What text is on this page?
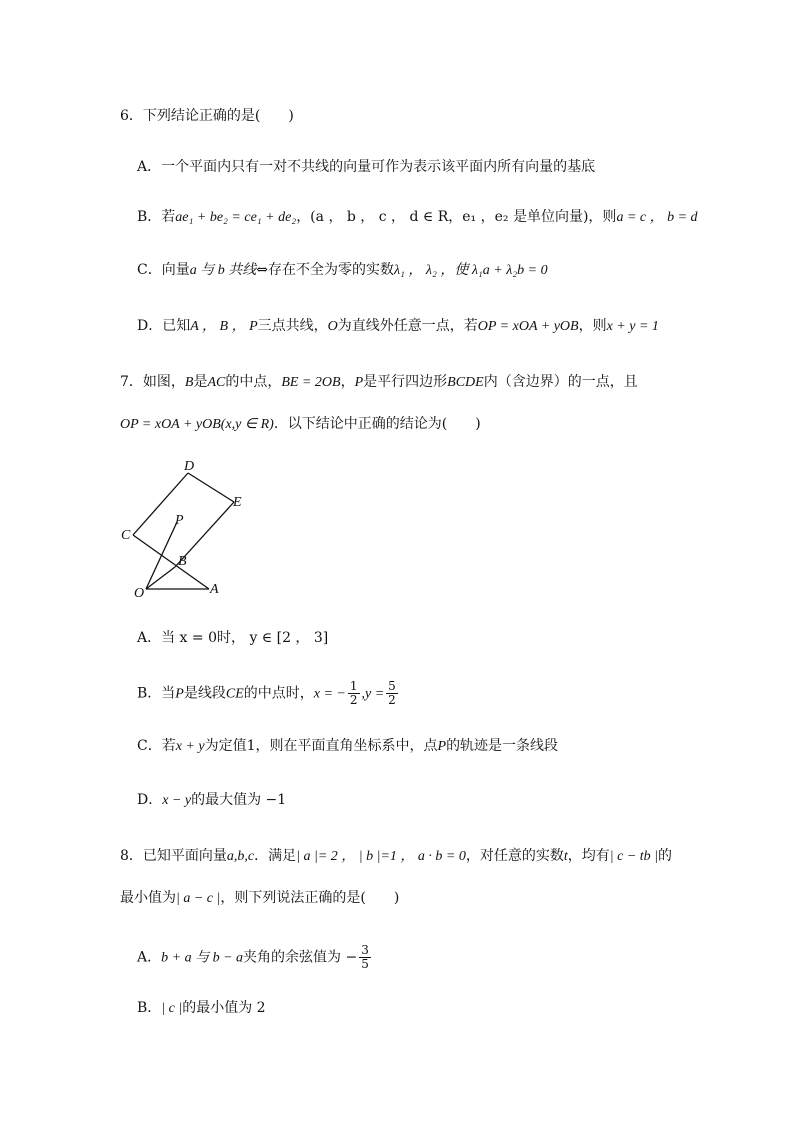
6．下列结论正确的是(　　)
A．一个平面内只有一对不共线的向量可作为表示该平面内所有向量的基底
B．若ae₁ + be₂ = ce₁ + de₂，(a ， b ， c ， d ∈ R，e₁ ，e₂ 是单位向量)，则a = c ， b = d
C．向量a 与 b 共线⇔存在不全为零的实数λ₁ ， λ₂ ，使 λ₁a + λ₂b = 0
D．已知A ， B ， P三点共线，O为直线外任意一点，若OP = xOA + yOB，则x + y = 1
7．如图，B是AC的中点，BE = 2OB，P是平行四边形BCDE内（含边界）的一点，且
OP = xOA + yOB(x,y ∈ R)．以下结论中正确的结论为(　　)
D
E
C
P
B
O	A
A．当 x = 0时， y ∈ [2 ， 3]
B．当P是线段CE的中点时，x = − $\frac{1}{2} ,y = \frac{5}{2}$
C．若x + y为定值1，则在平面直角坐标系中，点P的轨迹是一条线段
D．x − y的最大值为 −1
8．已知平面向量a,b,c．满足| a |= 2 ， | b |=1 ， a · b = 0，对任意的实数t，均有| c − tb |的
最小值为| a − c |，则下列说法正确的是(　　)
A．b + a 与 b − a夹角的余弦值为 − $\frac{3}{5}$
B．| c |的最小值为 2
